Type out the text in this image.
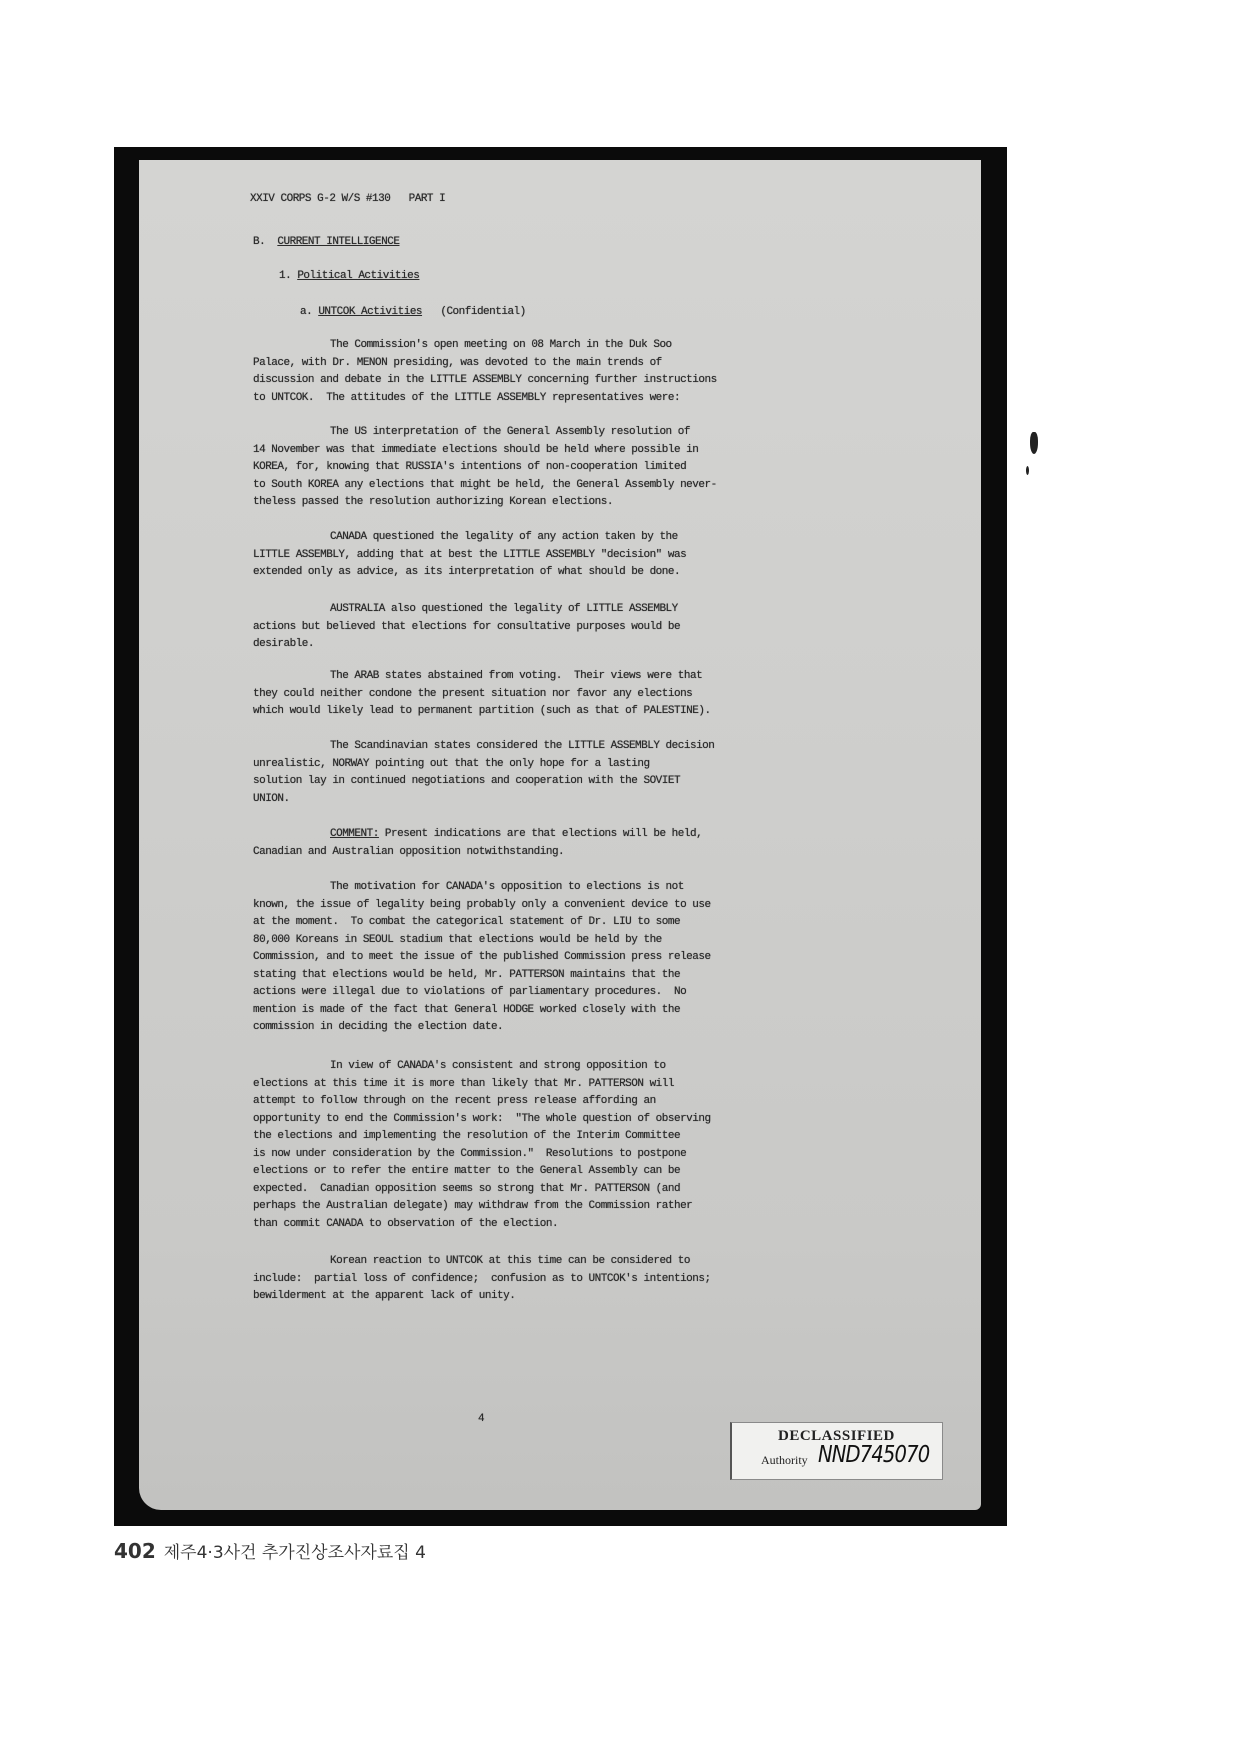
XXIV CORPS G-2 W/S #130   PART I
B. CURRENT INTELLIGENCE
1. Political Activities
a. UNTCOK Activities (Confidential)
The Commission's open meeting on 08 March in the Duk Soo
Palace, with Dr. MENON presiding, was devoted to the main trends of
discussion and debate in the LITTLE ASSEMBLY concerning further instructions
to UNTCOK.  The attitudes of the LITTLE ASSEMBLY representatives were:
The US interpretation of the General Assembly resolution of
14 November was that immediate elections should be held where possible in
KOREA, for, knowing that RUSSIA's intentions of non-cooperation limited
to South KOREA any elections that might be held, the General Assembly never-
theless passed the resolution authorizing Korean elections.
CANADA questioned the legality of any action taken by the
LITTLE ASSEMBLY, adding that at best the LITTLE ASSEMBLY "decision" was
extended only as advice, as its interpretation of what should be done.
AUSTRALIA also questioned the legality of LITTLE ASSEMBLY
actions but believed that elections for consultative purposes would be
desirable.
The ARAB states abstained from voting.  Their views were that
they could neither condone the present situation nor favor any elections
which would likely lead to permanent partition (such as that of PALESTINE).
The Scandinavian states considered the LITTLE ASSEMBLY decision
unrealistic, NORWAY pointing out that the only hope for a lasting
solution lay in continued negotiations and cooperation with the SOVIET
UNION.
COMMENT: Present indications are that elections will be held,
Canadian and Australian opposition notwithstanding.
The motivation for CANADA's opposition to elections is not
known, the issue of legality being probably only a convenient device to use
at the moment.  To combat the categorical statement of Dr. LIU to some
80,000 Koreans in SEOUL stadium that elections would be held by the
Commission, and to meet the issue of the published Commission press release
stating that elections would be held, Mr. PATTERSON maintains that the
actions were illegal due to violations of parliamentary procedures.  No
mention is made of the fact that General HODGE worked closely with the
commission in deciding the election date.
In view of CANADA's consistent and strong opposition to
elections at this time it is more than likely that Mr. PATTERSON will
attempt to follow through on the recent press release affording an
opportunity to end the Commission's work:  "The whole question of observing
the elections and implementing the resolution of the Interim Committee
is now under consideration by the Commission."  Resolutions to postpone
elections or to refer the entire matter to the General Assembly can be
expected.  Canadian opposition seems so strong that Mr. PATTERSON (and
perhaps the Australian delegate) may withdraw from the Commission rather
than commit CANADA to observation of the election.
Korean reaction to UNTCOK at this time can be considered to
include:  partial loss of confidence;  confusion as to UNTCOK's intentions;
bewilderment at the apparent lack of unity.
4
DECLASSIFIED
Authority NND745070
402 제주4·3사건 추가진상조사자료집 4
